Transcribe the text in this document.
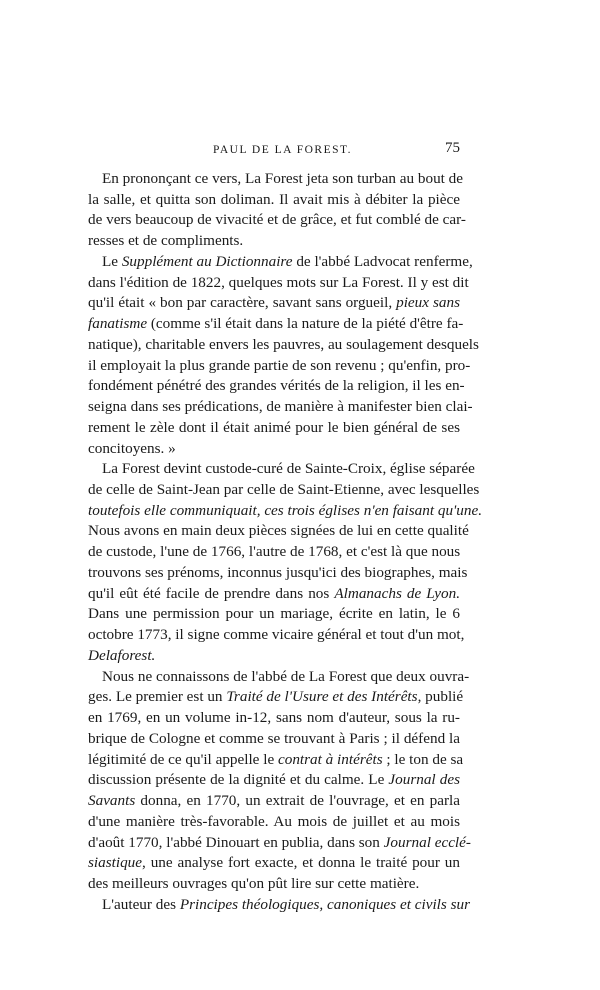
PAUL DE LA FOREST.	75
En prononçant ce vers, La Forest jeta son turban au bout de
la salle, et quitta son doliman. Il avait mis à débiter la pièce
de vers beaucoup de vivacité et de grâce, et fut comblé de car-
resses et de compliments.
Le Supplément au Dictionnaire de l'abbé Ladvocat renferme,
dans l'édition de 1822, quelques mots sur La Forest. Il y est dit
qu'il était « bon par caractère, savant sans orgueil, pieux sans
fanatisme (comme s'il était dans la nature de la piété d'être fa-
natique), charitable envers les pauvres, au soulagement desquels
il employait la plus grande partie de son revenu ; qu'enfin, pro-
fondément pénétré des grandes vérités de la religion, il les en-
seigna dans ses prédications, de manière à manifester bien clai-
rement le zèle dont il était animé pour le bien général de ses
concitoyens. »
La Forest devint custode-curé de Sainte-Croix, église séparée
de celle de Saint-Jean par celle de Saint-Etienne, avec lesquelles
toutefois elle communiquait, ces trois églises n'en faisant qu'une.
Nous avons en main deux pièces signées de lui en cette qualité
de custode, l'une de 1766, l'autre de 1768, et c'est là que nous
trouvons ses prénoms, inconnus jusqu'ici des biographes, mais
qu'il eût été facile de prendre dans nos Almanachs de Lyon.
Dans une permission pour un mariage, écrite en latin, le 6
octobre 1773, il signe comme vicaire général et tout d'un mot,
Delaforest.
Nous ne connaissons de l'abbé de La Forest que deux ouvra-
ges. Le premier est un Traité de l'Usure et des Intérêts, publié
en 1769, en un volume in-12, sans nom d'auteur, sous la ru-
brique de Cologne et comme se trouvant à Paris ; il défend la
légitimité de ce qu'il appelle le contrat à intérêts ; le ton de sa
discussion présente de la dignité et du calme. Le Journal des
Savants donna, en 1770, un extrait de l'ouvrage, et en parla
d'une manière très-favorable. Au mois de juillet et au mois
d'août 1770, l'abbé Dinouart en publia, dans son Journal ecclé-
siastique, une analyse fort exacte, et donna le traité pour un
des meilleurs ouvrages qu'on pût lire sur cette matière.
L'auteur des Principes théologiques, canoniques et civils sur
